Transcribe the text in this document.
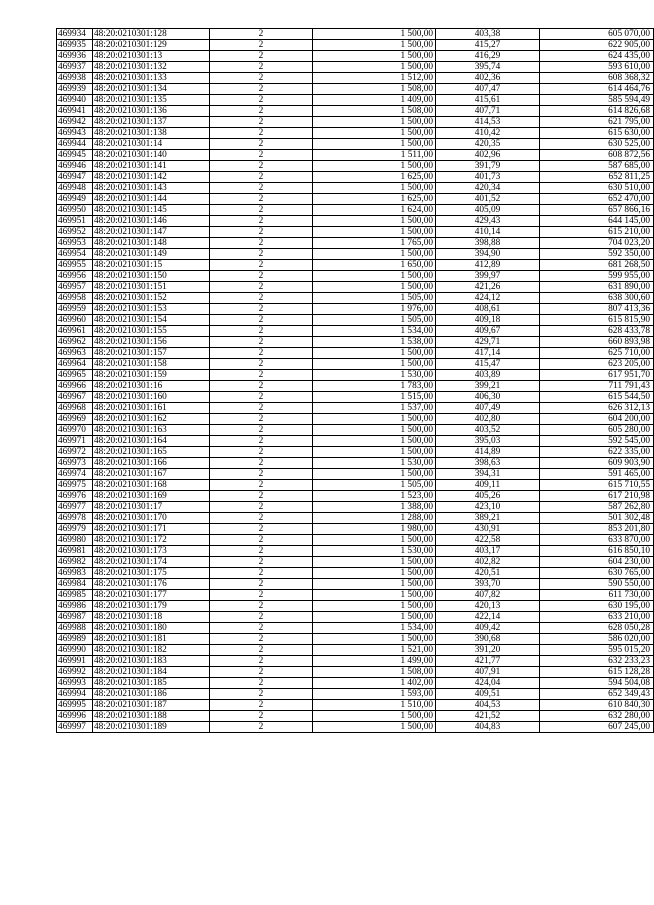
469934	48:20:0210301:128	2	1 500,00	403,38	605 070,00
469935	48:20:0210301:129	2	1 500,00	415,27	622 905,00
469936	48:20:0210301:13	2	1 500,00	416,29	624 435,00
469937	48:20:0210301:132	2	1 500,00	395,74	593 610,00
469938	48:20:0210301:133	2	1 512,00	402,36	608 368,32
469939	48:20:0210301:134	2	1 508,00	407,47	614 464,76
469940	48:20:0210301:135	2	1 409,00	415,61	585 594,49
469941	48:20:0210301:136	2	1 508,00	407,71	614 826,68
469942	48:20:0210301:137	2	1 500,00	414,53	621 795,00
469943	48:20:0210301:138	2	1 500,00	410,42	615 630,00
469944	48:20:0210301:14	2	1 500,00	420,35	630 525,00
469945	48:20:0210301:140	2	1 511,00	402,96	608 872,56
469946	48:20:0210301:141	2	1 500,00	391,79	587 685,00
469947	48:20:0210301:142	2	1 625,00	401,73	652 811,25
469948	48:20:0210301:143	2	1 500,00	420,34	630 510,00
469949	48:20:0210301:144	2	1 625,00	401,52	652 470,00
469950	48:20:0210301:145	2	1 624,00	405,09	657 866,16
469951	48:20:0210301:146	2	1 500,00	429,43	644 145,00
469952	48:20:0210301:147	2	1 500,00	410,14	615 210,00
469953	48:20:0210301:148	2	1 765,00	398,88	704 023,20
469954	48:20:0210301:149	2	1 500,00	394,90	592 350,00
469955	48:20:0210301:15	2	1 650,00	412,89	681 268,50
469956	48:20:0210301:150	2	1 500,00	399,97	599 955,00
469957	48:20:0210301:151	2	1 500,00	421,26	631 890,00
469958	48:20:0210301:152	2	1 505,00	424,12	638 300,60
469959	48:20:0210301:153	2	1 976,00	408,61	807 413,36
469960	48:20:0210301:154	2	1 505,00	409,18	615 815,90
469961	48:20:0210301:155	2	1 534,00	409,67	628 433,78
469962	48:20:0210301:156	2	1 538,00	429,71	660 893,98
469963	48:20:0210301:157	2	1 500,00	417,14	625 710,00
469964	48:20:0210301:158	2	1 500,00	415,47	623 205,00
469965	48:20:0210301:159	2	1 530,00	403,89	617 951,70
469966	48:20:0210301:16	2	1 783,00	399,21	711 791,43
469967	48:20:0210301:160	2	1 515,00	406,30	615 544,50
469968	48:20:0210301:161	2	1 537,00	407,49	626 312,13
469969	48:20:0210301:162	2	1 500,00	402,80	604 200,00
469970	48:20:0210301:163	2	1 500,00	403,52	605 280,00
469971	48:20:0210301:164	2	1 500,00	395,03	592 545,00
469972	48:20:0210301:165	2	1 500,00	414,89	622 335,00
469973	48:20:0210301:166	2	1 530,00	398,63	609 903,90
469974	48:20:0210301:167	2	1 500,00	394,31	591 465,00
469975	48:20:0210301:168	2	1 505,00	409,11	615 710,55
469976	48:20:0210301:169	2	1 523,00	405,26	617 210,98
469977	48:20:0210301:17	2	1 388,00	423,10	587 262,80
469978	48:20:0210301:170	2	1 288,00	389,21	501 302,48
469979	48:20:0210301:171	2	1 980,00	430,91	853 201,80
469980	48:20:0210301:172	2	1 500,00	422,58	633 870,00
469981	48:20:0210301:173	2	1 530,00	403,17	616 850,10
469982	48:20:0210301:174	2	1 500,00	402,82	604 230,00
469983	48:20:0210301:175	2	1 500,00	420,51	630 765,00
469984	48:20:0210301:176	2	1 500,00	393,70	590 550,00
469985	48:20:0210301:177	2	1 500,00	407,82	611 730,00
469986	48:20:0210301:179	2	1 500,00	420,13	630 195,00
469987	48:20:0210301:18	2	1 500,00	422,14	633 210,00
469988	48:20:0210301:180	2	1 534,00	409,42	628 050,28
469989	48:20:0210301:181	2	1 500,00	390,68	586 020,00
469990	48:20:0210301:182	2	1 521,00	391,20	595 015,20
469991	48:20:0210301:183	2	1 499,00	421,77	632 233,23
469992	48:20:0210301:184	2	1 508,00	407,91	615 128,28
469993	48:20:0210301:185	2	1 402,00	424,04	594 504,08
469994	48:20:0210301:186	2	1 593,00	409,51	652 349,43
469995	48:20:0210301:187	2	1 510,00	404,53	610 840,30
469996	48:20:0210301:188	2	1 500,00	421,52	632 280,00
469997	48:20:0210301:189	2	1 500,00	404,83	607 245,00
